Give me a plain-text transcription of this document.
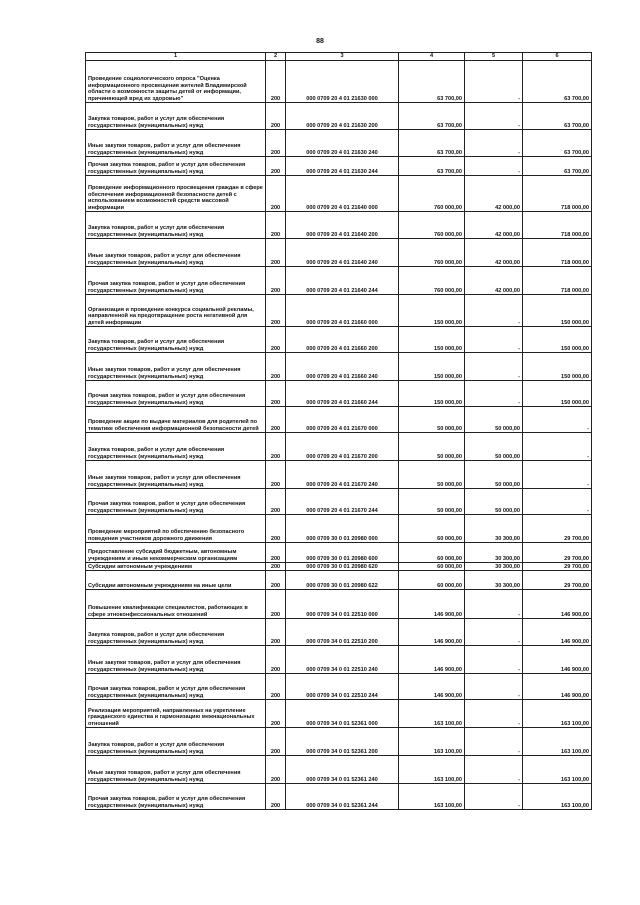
88
1	2	3	4	5	6
Проведение социологического опроса "Оценка информационного просвещения жителей Владимирской области о возможности защиты детей от информации, причиняющей вред их здоровью"	200	000 0709 20 4 01 21630 000	63 700,00	-	63 700,00
Закупка товаров, работ и услуг для обеспечения государственных (муниципальных) нужд	200	000 0709 20 4 01 21630 200	63 700,00	-	63 700,00
Иные закупки товаров, работ и услуг для обеспечения государственных (муниципальных) нужд	200	000 0709 20 4 01 21630 240	63 700,00	-	63 700,00
Прочая закупка товаров, работ и услуг для обеспечения государственных (муниципальных) нужд	200	000 0709 20 4 01 21630 244	63 700,00	-	63 700,00
Проведение информационного просвещения граждан в сфере обеспечения информационной безопасности детей с использованием возможностей средств массовой информации	200	000 0709 20 4 01 21640 000	760 000,00	42 000,00	718 000,00
Закупка товаров, работ и услуг для обеспечения государственных (муниципальных) нужд	200	000 0709 20 4 01 21640 200	760 000,00	42 000,00	718 000,00
Иные закупки товаров, работ и услуг для обеспечения государственных (муниципальных) нужд	200	000 0709 20 4 01 21640 240	760 000,00	42 000,00	718 000,00
Прочая закупка товаров, работ и услуг для обеспечения государственных (муниципальных) нужд	200	000 0709 20 4 01 21640 244	760 000,00	42 000,00	718 000,00
Организация и проведение конкурса социальной рекламы, направленной на предотвращение роста негативной для детей информации	200	000 0709 20 4 01 21660 000	150 000,00	-	150 000,00
Закупка товаров, работ и услуг для обеспечения государственных (муниципальных) нужд	200	000 0709 20 4 01 21660 200	150 000,00	-	150 000,00
Иные закупки товаров, работ и услуг для обеспечения государственных (муниципальных) нужд	200	000 0709 20 4 01 21660 240	150 000,00	-	150 000,00
Прочая закупка товаров, работ и услуг для обеспечения государственных (муниципальных) нужд	200	000 0709 20 4 01 21660 244	150 000,00	-	150 000,00
Проведение акции по выдаче материалов для родителей по тематике обеспечения информационной безопасности детей	200	000 0709 20 4 01 21670 000	50 000,00	50 000,00	-
Закупка товаров, работ и услуг для обеспечения государственных (муниципальных) нужд	200	000 0709 20 4 01 21670 200	50 000,00	50 000,00	-
Иные закупки товаров, работ и услуг для обеспечения государственных (муниципальных) нужд	200	000 0709 20 4 01 21670 240	50 000,00	50 000,00	-
Прочая закупка товаров, работ и услуг для обеспечения государственных (муниципальных) нужд	200	000 0709 20 4 01 21670 244	50 000,00	50 000,00	-
Проведение мероприятий по обеспечению безопасного поведения участников дорожного движения	200	000 0709 30 0 01 20980 000	60 000,00	30 300,00	29 700,00
Предоставление субсидий бюджетным, автономным учреждениям и иным некоммерческим организациям	200	000 0709 30 0 01 20980 600	60 000,00	30 300,00	29 700,00
Субсидии автономным учреждениям	200	000 0709 30 0 01 20980 620	60 000,00	30 300,00	29 700,00
Субсидии автономным учреждениям на иные цели	200	000 0709 30 0 01 20980 622	60 000,00	30 300,00	29 700,00
Повышение квалификации специалистов, работающих в сфере этноконфессиональных отношений	200	000 0709 34 0 01 22510 000	146 900,00	-	146 900,00
Закупка товаров, работ и услуг для обеспечения государственных (муниципальных) нужд	200	000 0709 34 0 01 22510 200	146 900,00	-	146 900,00
Иные закупки товаров, работ и услуг для обеспечения государственных (муниципальных) нужд	200	000 0709 34 0 01 22510 240	146 900,00	-	146 900,00
Прочая закупка товаров, работ и услуг для обеспечения государственных (муниципальных) нужд	200	000 0709 34 0 01 22510 244	146 900,00	-	146 900,00
Реализация мероприятий, направленных на укрепление гражданского единства и гармонизацию межнациональных отношений	200	000 0709 34 0 01 52361 000	163 100,00	-	163 100,00
Закупка товаров, работ и услуг для обеспечения государственных (муниципальных) нужд	200	000 0709 34 0 01 52361 200	163 100,00	-	163 100,00
Иные закупки товаров, работ и услуг для обеспечения государственных (муниципальных) нужд	200	000 0709 34 0 01 52361 240	163 100,00	-	163 100,00
Прочая закупка товаров, работ и услуг для обеспечения государственных (муниципальных) нужд	200	000 0709 34 0 01 52361 244	163 100,00	-	163 100,00
